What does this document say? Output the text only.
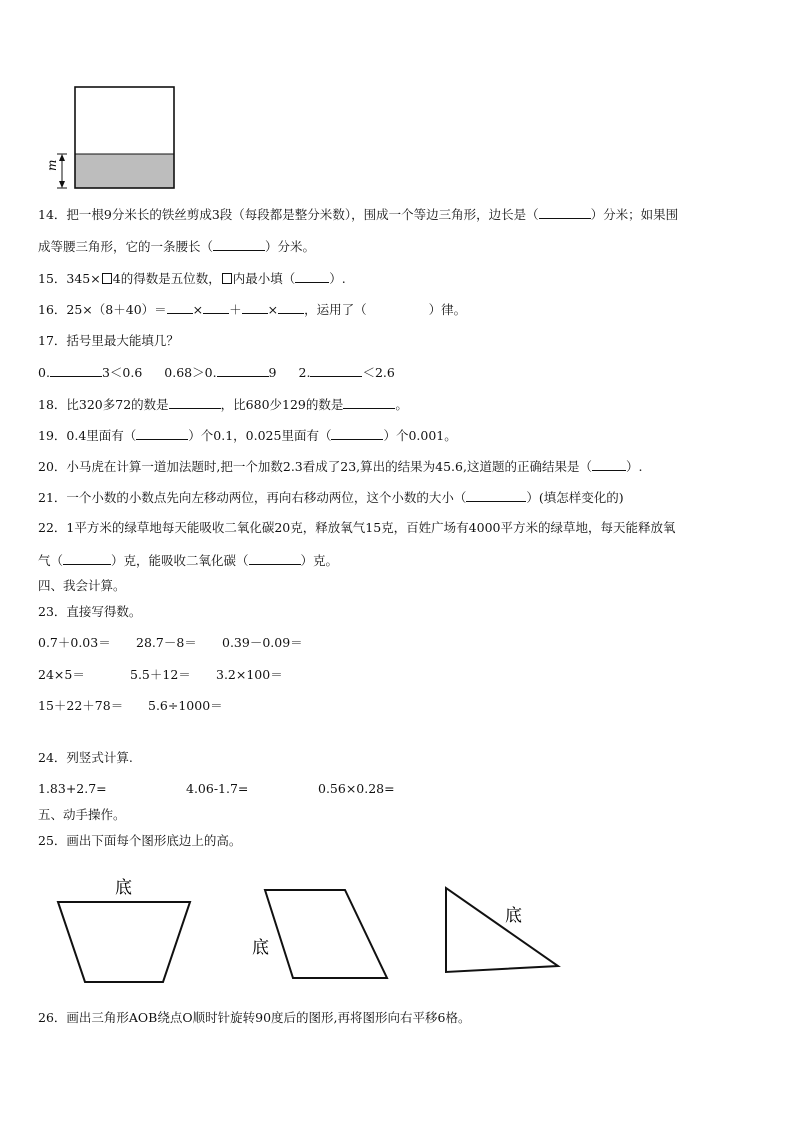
m
14．把一根9分米长的铁丝剪成3段（每段都是整分米数），围成一个等边三角形，边长是（	）分米；如果围
成等腰三角形，它的一条腰长（	）分米。
15．345× 4的得数是五位数， 内最小填（	）.
16．25×（8＋40）＝ × ＋ × ，运用了（	）律。
17．括号里最大能填几？
0.	3＜0.6 0.68＞0.	9 2.	＜2.6
18．比320多72的数是	，比680少129的数是	。
19．0.4里面有（	）个0.1，0.025里面有（	）个0.001。
20．小马虎在计算一道加法题时,把一个加数2.3看成了23,算出的结果为45.6,这道题的正确结果是（	）.
21．一个小数的小数点先向左移动两位，再向右移动两位，这个小数的大小（	）(填怎样变化的)
22．1平方米的绿草地每天能吸收二氧化碳20克，释放氧气15克，百姓广场有4000平方米的绿草地，每天能释放氧
气（	）克，能吸收二氧化碳（	）克。
四、我会计算。
23．直接写得数。
0.7＋0.03＝ 28.7－8＝ 0.39－0.09＝
24×5＝	5.5＋12＝ 3.2×100＝
15＋22＋78＝ 5.6÷1000＝
24．列竖式计算.
1.83+2.7=	4.06-1.7=	0.56×0.28=
五、动手操作。
25．画出下面每个图形底边上的高。
底
底
底
26．画出三角形AOB绕点O顺时针旋转90度后的图形,再将图形向右平移6格。
